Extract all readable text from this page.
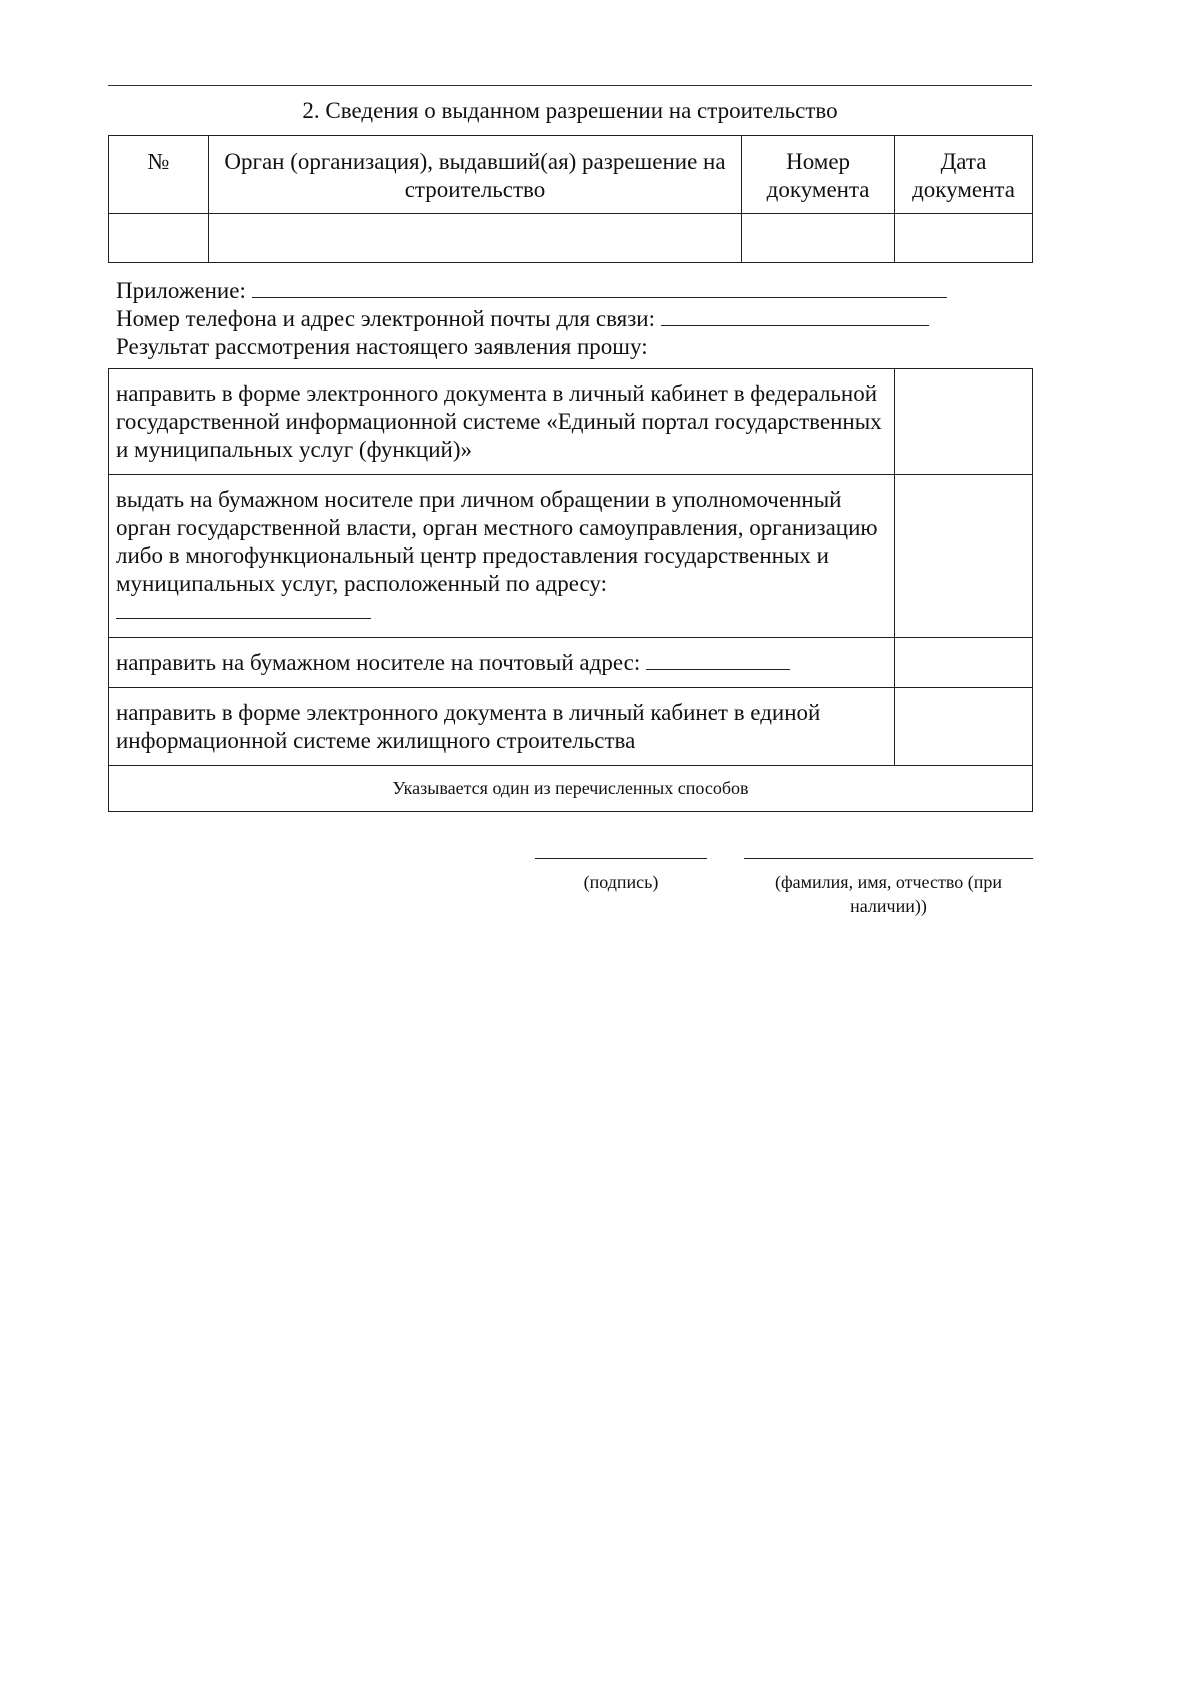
2. Сведения о выданном разрешении на строительство
№	Орган (организация), выдавший(ая) разрешение на строительство	Номер документа	Дата документа

Приложение:
Номер телефона и адрес электронной почты для связи:
Результат рассмотрения настоящего заявления прошу:
направить в форме электронного документа в личный кабинет в федеральной государственной информационной системе «Единый портал государственных и муниципальных услуг (функций)»	
выдать на бумажном носителе при личном обращении в уполномоченный орган государственной власти, орган местного самоуправления, организацию либо в многофункциональный центр предоставления государственных и муниципальных услуг, расположенный по адресу:

направить на бумажном носителе на почтовый адрес:	
направить в форме электронного документа в личный кабинет в единой информационной системе жилищного строительства	
Указывается один из перечисленных способов	
(подпись)	(фамилия, имя, отчество (при наличии))
